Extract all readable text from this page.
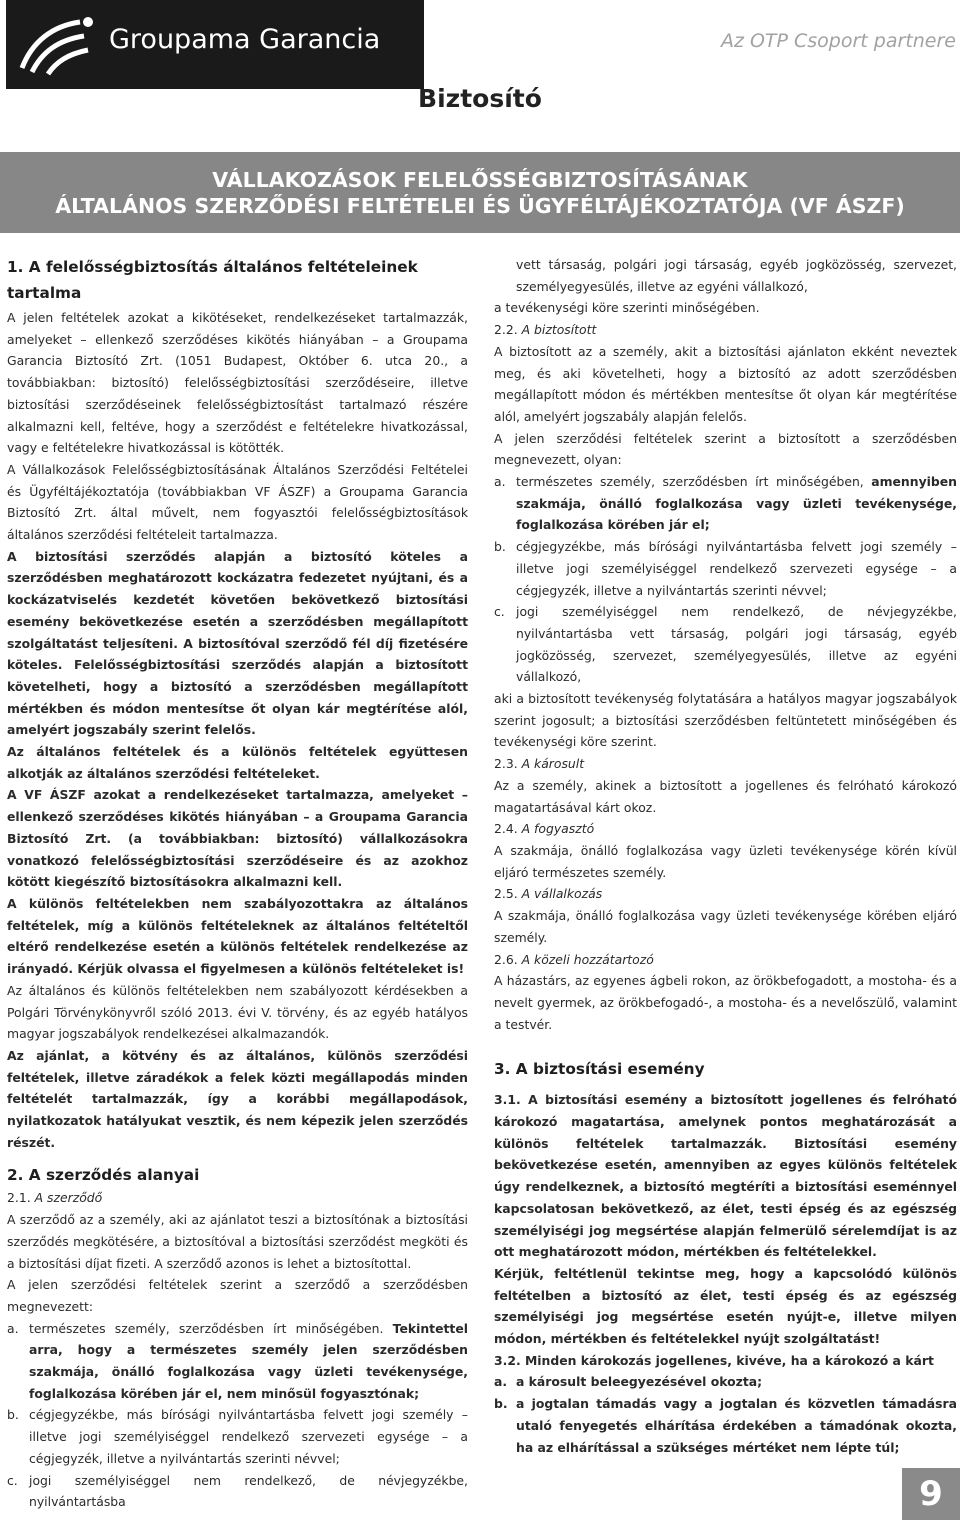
Groupama Garancia	Az OTP Csoport partnere
Biztosító
VÁLLAKOZÁSOK FELELŐSSÉGBIZTOSÍTÁSÁNAK
ÁLTALÁNOS SZERZŐDÉSI FELTÉTELEI ÉS ÜGYFÉLTÁJÉKOZTATÓJA (VF ÁSZF)
1. A felelősségbiztosítás általános feltételeinek tartalma

A jelen feltételek azokat a kikötéseket, rendelkezéseket tartalmazzák, amelyeket – ellenkező szerződéses kikötés hiányában – a Groupama Garancia Biztosító Zrt. (1051 Budapest, Október 6. utca 20., a továbbiakban: biztosító) felelősségbiztosítási szerződéseire, illetve biztosítási szerződéseinek felelősségbiztosítást tartalmazó részére alkalmazni kell, feltéve, hogy a szerződést e feltételekre hivatkozással, vagy e feltételekre hivatkozással is kötötték.

A Vállalkozások Felelősségbiztosításának Általános Szerződési Feltételei és Ügyféltájékoztatója (továbbiakban VF ÁSZF) a Groupama Garancia Biztosító Zrt. által művelt, nem fogyasztói felelősségbiztosítások általános szerződési feltételeit tartalmazza.

A biztosítási szerződés alapján a biztosító köteles a szerződésben meghatározott kockázatra fedezetet nyújtani, és a kockázatviselés kezdetét követően bekövetkező biztosítási esemény bekövetkezése esetén a szerződésben megállapított szolgáltatást teljesíteni. A biztosítóval szerződő fél díj fizetésére köteles. Felelősségbiztosítási szerződés alapján a biztosított követelheti, hogy a biztosító a szerződésben megállapított mértékben és módon mentesítse őt olyan kár megtérítése alól, amelyért jogszabály szerint felelős.

Az általános feltételek és a különös feltételek együttesen alkotják az általános szerződési feltételeket.

A VF ÁSZF azokat a rendelkezéseket tartalmazza, amelyeket – ellenkező szerződéses kikötés hiányában – a Groupama Garancia Biztosító Zrt. (a továbbiakban: biztosító) vállalkozásokra vonatkozó felelősségbiztosítási szerződéseire és az azokhoz kötött kiegészítő biztosításokra alkalmazni kell.

A különös feltételekben nem szabályozottakra az általános feltételek, míg a különös feltételeknek az általános feltételtől eltérő rendelkezése esetén a különös feltételek rendelkezése az irányadó. Kérjük olvassa el figyelmesen a különös feltételeket is!

Az általános és különös feltételekben nem szabályozott kérdésekben a Polgári Törvénykönyvről szóló 2013. évi V. törvény, és az egyéb hatályos magyar jogszabályok rendelkezései alkalmazandók.

Az ajánlat, a kötvény és az általános, különös szerződési feltételek, illetve záradékok a felek közti megállapodás minden feltételét tartalmazzák, így a korábbi megállapodások, nyilatkozatok hatályukat vesztik, és nem képezik jelen szerződés részét.

2. A szerződés alanyai

2.1. A szerződő

A szerződő az a személy, aki az ajánlatot teszi a biztosítónak a biztosítási szerződés megkötésére, a biztosítóval a biztosítási szerződést megköti és a biztosítási díjat fizeti. A szerződő azonos is lehet a biztosítottal.

A jelen szerződési feltételek szerint a szerződő a szerződésben megnevezett:

a. természetes személy, szerződésben írt minőségében. Tekintettel arra, hogy a természetes személy jelen szerződésben szakmája, önálló foglalkozása vagy üzleti tevékenysége, foglalkozása körében jár el, nem minősül fogyasztónak;
b. cégjegyzékbe, más bírósági nyilvántartásba felvett jogi személy – illetve jogi személyiséggel rendelkező szervezeti egysége – a cégjegyzék, illetve a nyilvántartás szerinti névvel;
c. jogi személyiséggel nem rendelkező, de névjegyzékbe, nyilvántartásba

vett társaság, polgári jogi társaság, egyéb jogközösség, szervezet, személyegyesülés, illetve az egyéni vállalkozó,

a tevékenységi köre szerinti minőségében.

2.2. A biztosított

A biztosított az a személy, akit a biztosítási ajánlaton ekként neveztek meg, és aki követelheti, hogy a biztosító az adott szerződésben megállapított módon és mértékben mentesítse őt olyan kár megtérítése alól, amelyért jogszabály alapján felelős.

A jelen szerződési feltételek szerint a biztosított a szerződésben megnevezett, olyan:

a. természetes személy, szerződésben írt minőségében, amennyiben szakmája, önálló foglalkozása vagy üzleti tevékenysége, foglalkozása körében jár el;
b. cégjegyzékbe, más bírósági nyilvántartásba felvett jogi személy – illetve jogi személyiséggel rendelkező szervezeti egysége – a cégjegyzék, illetve a nyilvántartás szerinti névvel;
c. jogi személyiséggel nem rendelkező, de névjegyzékbe, nyilvántartásba vett társaság, polgári jogi társaság, egyéb jogközösség, szervezet, személyegyesülés, illetve az egyéni vállalkozó,

aki a biztosított tevékenység folytatására a hatályos magyar jogszabályok szerint jogosult; a biztosítási szerződésben feltüntetett minőségében és tevékenységi köre szerint.

2.3. A károsult

Az a személy, akinek a biztosított a jogellenes és felróható károkozó magatartásával kárt okoz.

2.4. A fogyasztó

A szakmája, önálló foglalkozása vagy üzleti tevékenysége körén kívül eljáró természetes személy.

2.5. A vállalkozás

A szakmája, önálló foglalkozása vagy üzleti tevékenysége körében eljáró személy.

2.6. A közeli hozzátartozó

A házastárs, az egyenes ágbeli rokon, az örökbefogadott, a mostoha- és a nevelt gyermek, az örökbefogadó-, a mostoha- és a nevelőszülő, valamint a testvér.

3. A biztosítási esemény

3.1. A biztosítási esemény a biztosított jogellenes és felróható károkozó magatartása, amelynek pontos meghatározását a különös feltételek tartalmazzák. Biztosítási esemény bekövetkezése esetén, amennyiben az egyes különös feltételek úgy rendelkeznek, a biztosító megtéríti a biztosítási eseménnyel kapcsolatosan bekövetkező, az élet, testi épség és az egészség személyiségi jog megsértése alapján felmerülő sérelemdíjat is az ott meghatározott módon, mértékben és feltételekkel.

Kérjük, feltétlenül tekintse meg, hogy a kapcsolódó különös feltételben a biztosító az élet, testi épség és az egészség személyiségi jog megsértése esetén nyújt-e, illetve milyen módon, mértékben és feltételekkel nyújt szolgáltatást!

3.2. Minden károkozás jogellenes, kivéve, ha a károkozó a kárt

a. a károsult beleegyezésével okozta;
b. a jogtalan támadás vagy a jogtalan és közvetlen támadásra utaló fenyegetés elhárítása érdekében a támadónak okozta, ha az elhárítással a szükséges mértéket nem lépte túl;
9
